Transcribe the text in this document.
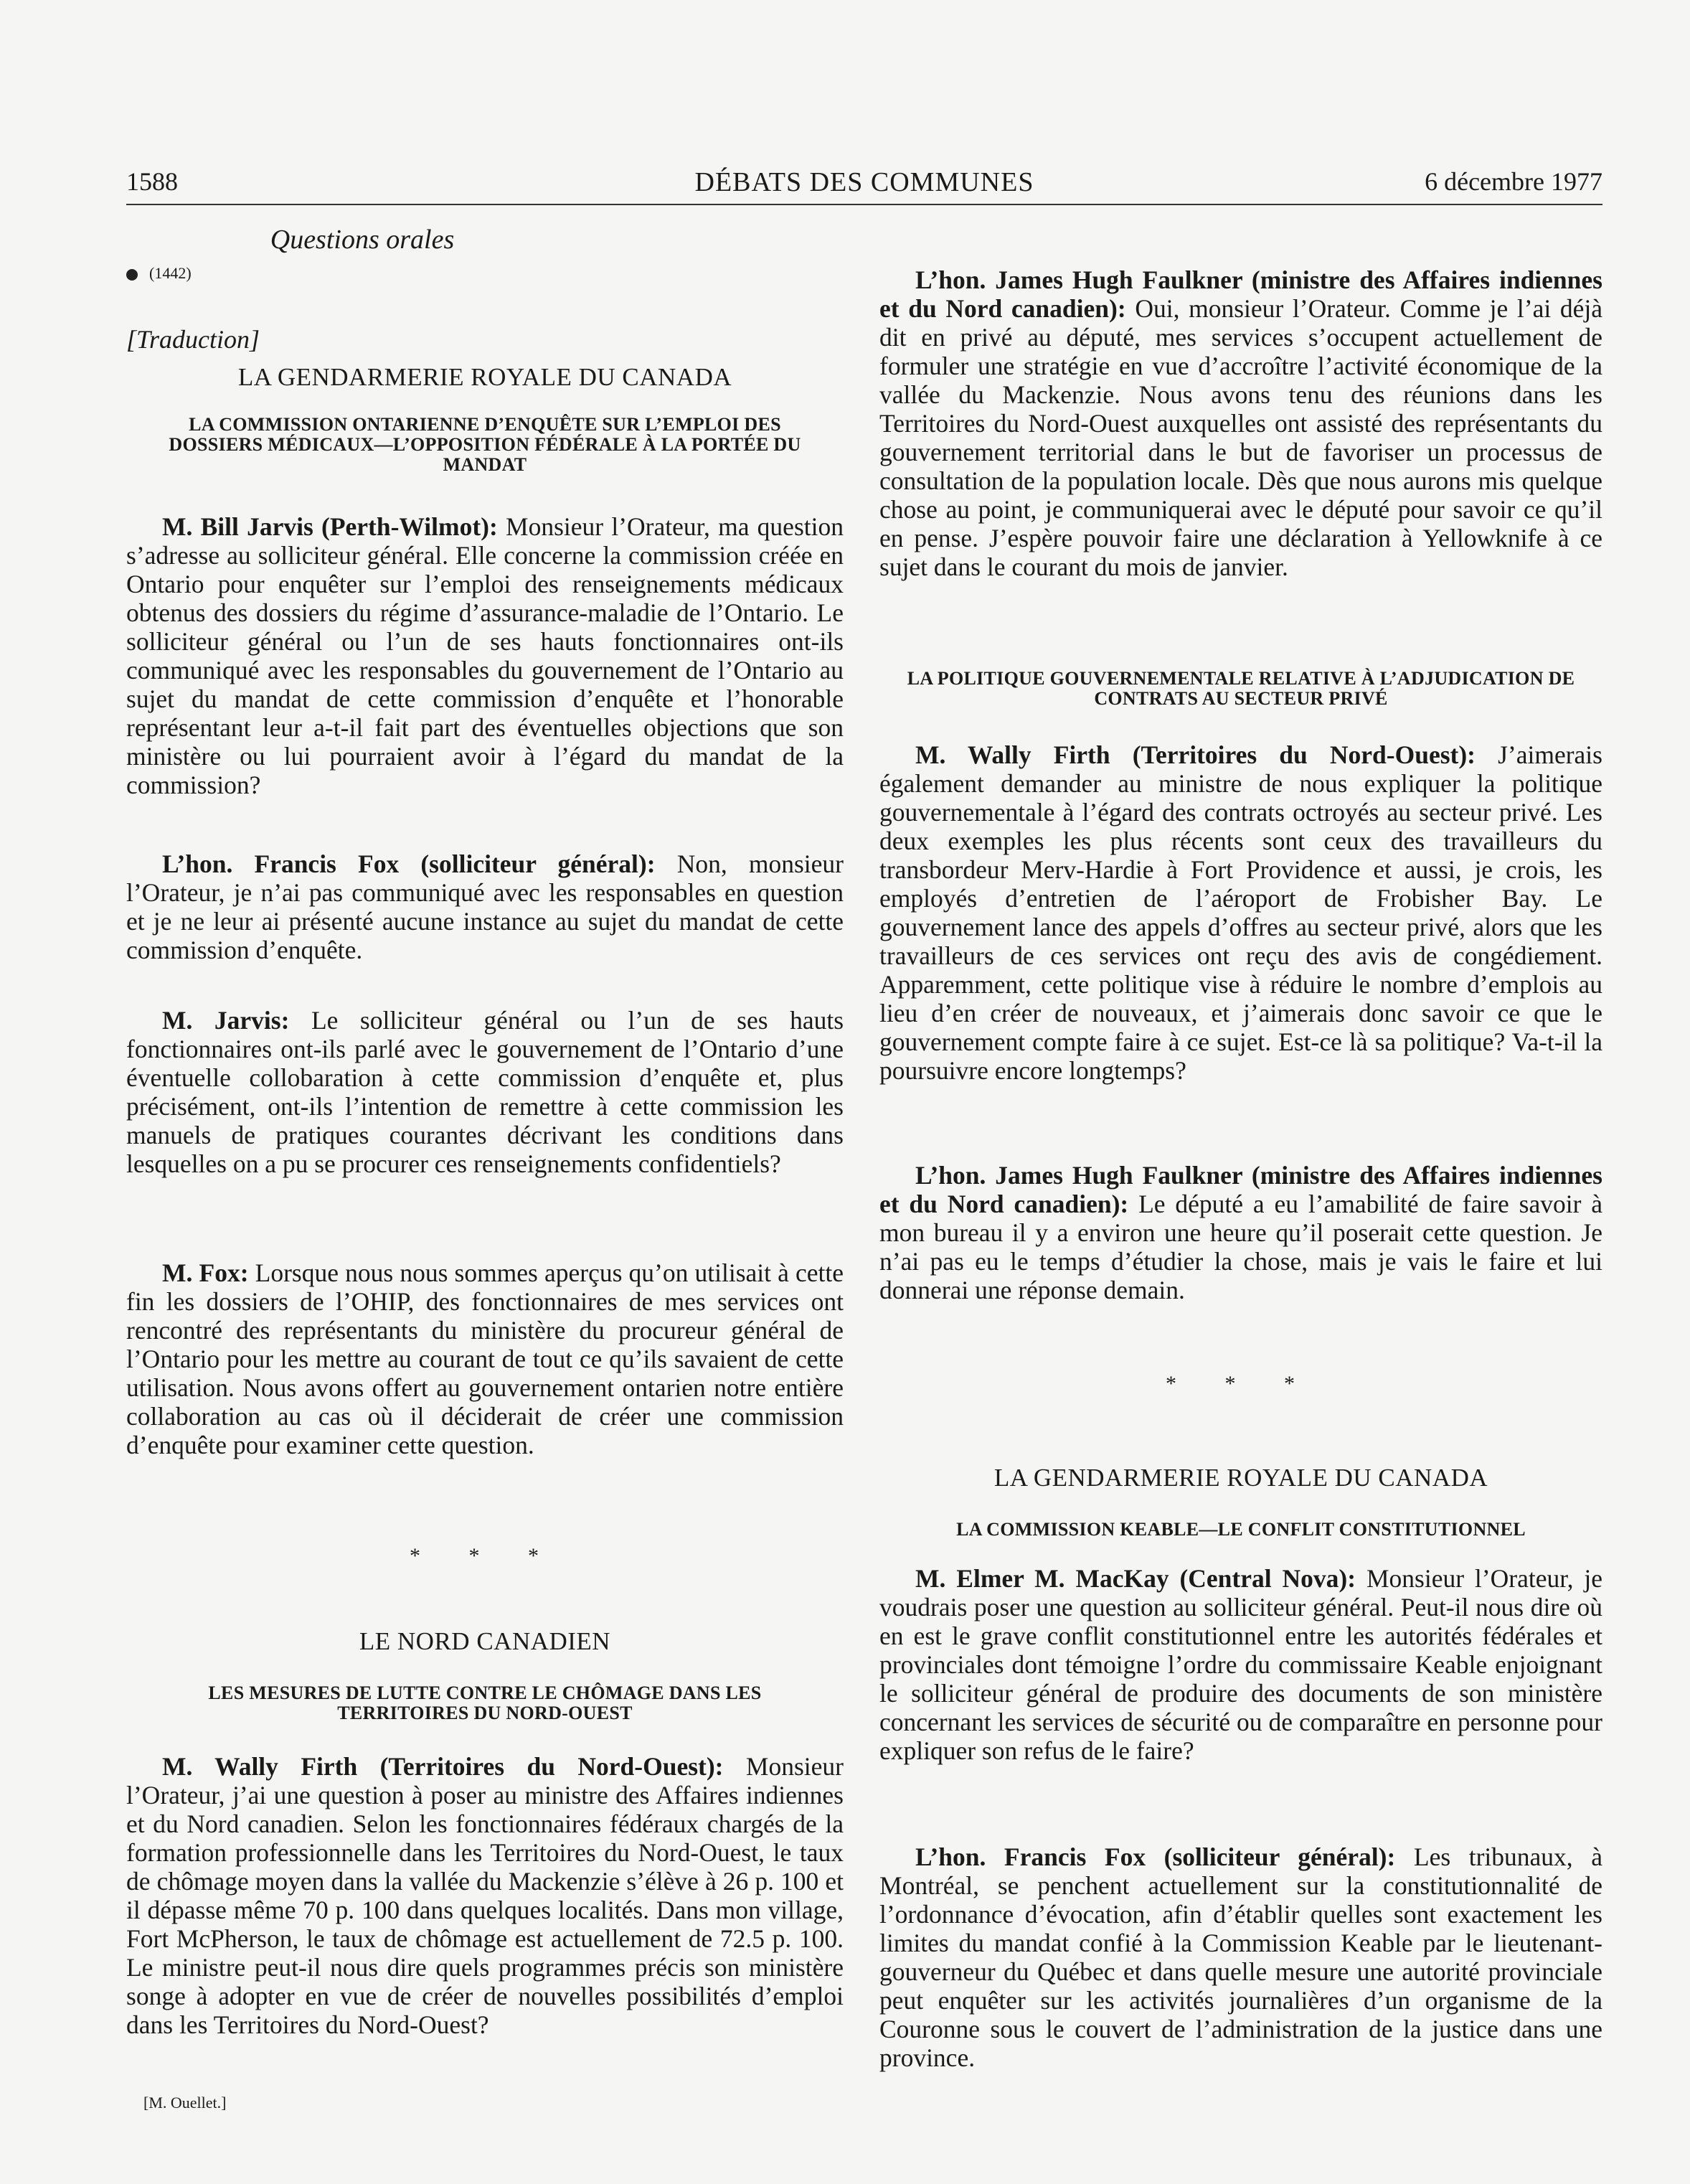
1588	DÉBATS DES COMMUNES	6 décembre 1977
Questions orales
(1442)
[Traduction]
LA GENDARMERIE ROYALE DU CANADA
LA COMMISSION ONTARIENNE D’ENQUÊTE SUR L’EMPLOI DES DOSSIERS MÉDICAUX—L’OPPOSITION FÉDÉRALE À LA PORTÉE DU MANDAT

M. Bill Jarvis (Perth-Wilmot): Monsieur l’Orateur, ma question s’adresse au solliciteur général. Elle concerne la commission créée en Ontario pour enquêter sur l’emploi des renseignements médicaux obtenus des dossiers du régime d’assurance-maladie de l’Ontario. Le solliciteur général ou l’un de ses hauts fonctionnaires ont-ils communiqué avec les responsables du gouvernement de l’Ontario au sujet du mandat de cette commission d’enquête et l’honorable représentant leur a-t-il fait part des éventuelles objections que son ministère ou lui pourraient avoir à l’égard du mandat de la commission?

L’hon. Francis Fox (solliciteur général): Non, monsieur l’Orateur, je n’ai pas communiqué avec les responsables en question et je ne leur ai présenté aucune instance au sujet du mandat de cette commission d’enquête.

M. Jarvis: Le solliciteur général ou l’un de ses hauts fonctionnaires ont-ils parlé avec le gouvernement de l’Ontario d’une éventuelle collobaration à cette commission d’enquête et, plus précisément, ont-ils l’intention de remettre à cette commission les manuels de pratiques courantes décrivant les conditions dans lesquelles on a pu se procurer ces renseignements confidentiels?

M. Fox: Lorsque nous nous sommes aperçus qu’on utilisait à cette fin les dossiers de l’OHIP, des fonctionnaires de mes services ont rencontré des représentants du ministère du procureur général de l’Ontario pour les mettre au courant de tout ce qu’ils savaient de cette utilisation. Nous avons offert au gouvernement ontarien notre entière collaboration au cas où il déciderait de créer une commission d’enquête pour examiner cette question.

* * *
LE NORD CANADIEN
LES MESURES DE LUTTE CONTRE LE CHÔMAGE DANS LES TERRITOIRES DU NORD-OUEST

M. Wally Firth (Territoires du Nord-Ouest): Monsieur l’Orateur, j’ai une question à poser au ministre des Affaires indiennes et du Nord canadien. Selon les fonctionnaires fédéraux chargés de la formation professionnelle dans les Territoires du Nord-Ouest, le taux de chômage moyen dans la vallée du Mackenzie s’élève à 26 p. 100 et il dépasse même 70 p. 100 dans quelques localités. Dans mon village, Fort McPherson, le taux de chômage est actuellement de 72.5 p. 100. Le ministre peut-il nous dire quels programmes précis son ministère songe à adopter en vue de créer de nouvelles possibilités d’emploi dans les Territoires du Nord-Ouest?

[M. Ouellet.]

L’hon. James Hugh Faulkner (ministre des Affaires indiennes et du Nord canadien): Oui, monsieur l’Orateur. Comme je l’ai déjà dit en privé au député, mes services s’occupent actuellement de formuler une stratégie en vue d’accroître l’activité économique de la vallée du Mackenzie. Nous avons tenu des réunions dans les Territoires du Nord-Ouest auxquelles ont assisté des représentants du gouvernement territorial dans le but de favoriser un processus de consultation de la population locale. Dès que nous aurons mis quelque chose au point, je communiquerai avec le député pour savoir ce qu’il en pense. J’espère pouvoir faire une déclaration à Yellowknife à ce sujet dans le courant du mois de janvier.

LA POLITIQUE GOUVERNEMENTALE RELATIVE À L’ADJUDICATION DE CONTRATS AU SECTEUR PRIVÉ

M. Wally Firth (Territoires du Nord-Ouest): J’aimerais également demander au ministre de nous expliquer la politique gouvernementale à l’égard des contrats octroyés au secteur privé. Les deux exemples les plus récents sont ceux des travailleurs du transbordeur Merv-Hardie à Fort Providence et aussi, je crois, les employés d’entretien de l’aéroport de Frobisher Bay. Le gouvernement lance des appels d’offres au secteur privé, alors que les travailleurs de ces services ont reçu des avis de congédiement. Apparemment, cette politique vise à réduire le nombre d’emplois au lieu d’en créer de nouveaux, et j’aimerais donc savoir ce que le gouvernement compte faire à ce sujet. Est-ce là sa politique? Va-t-il la poursuivre encore longtemps?

L’hon. James Hugh Faulkner (ministre des Affaires indiennes et du Nord canadien): Le député a eu l’amabilité de faire savoir à mon bureau il y a environ une heure qu’il poserait cette question. Je n’ai pas eu le temps d’étudier la chose, mais je vais le faire et lui donnerai une réponse demain.

* * *
LA GENDARMERIE ROYALE DU CANADA
LA COMMISSION KEABLE—LE CONFLIT CONSTITUTIONNEL

M. Elmer M. MacKay (Central Nova): Monsieur l’Orateur, je voudrais poser une question au solliciteur général. Peut-il nous dire où en est le grave conflit constitutionnel entre les autorités fédérales et provinciales dont témoigne l’ordre du commissaire Keable enjoignant le solliciteur général de produire des documents de son ministère concernant les services de sécurité ou de comparaître en personne pour expliquer son refus de le faire?

L’hon. Francis Fox (solliciteur général): Les tribunaux, à Montréal, se penchent actuellement sur la constitutionnalité de l’ordonnance d’évocation, afin d’établir quelles sont exactement les limites du mandat confié à la Commission Keable par le lieutenant-gouverneur du Québec et dans quelle mesure une autorité provinciale peut enquêter sur les activités journalières d’un organisme de la Couronne sous le couvert de l’administration de la justice dans une province.
